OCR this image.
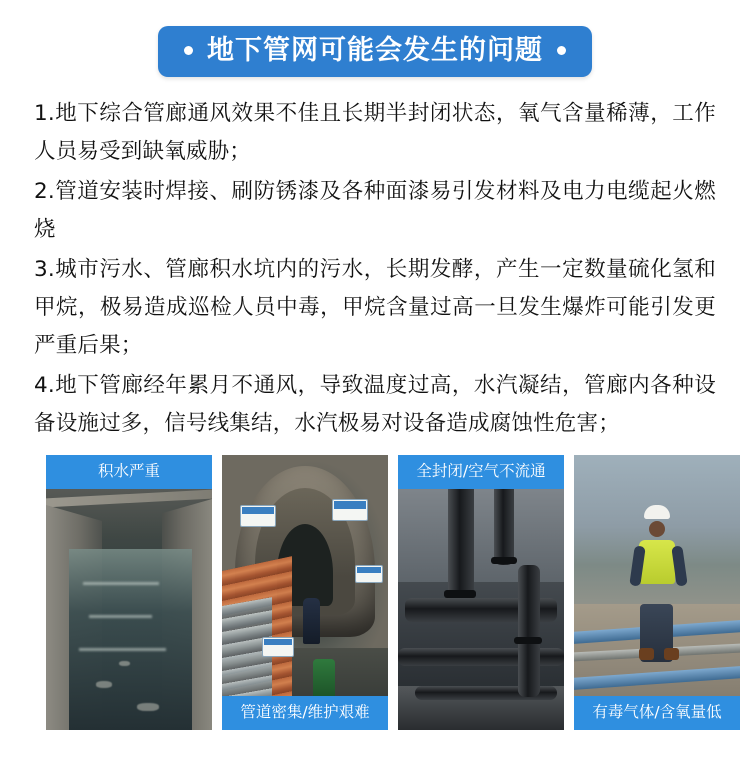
地下管网可能会发生的问题

1.地下综合管廊通风效果不佳且长期半封闭状态，氧气含量稀薄，工作人员易受到缺氧威胁；

2.管道安装时焊接、刷防锈漆及各种面漆易引发材料及电力电缆起火燃烧

3.城市污水、管廊积水坑内的污水，长期发酵，产生一定数量硫化氢和甲烷，极易造成巡检人员中毒，甲烷含量过高一旦发生爆炸可能引发更严重后果；

4.地下管廊经年累月不通风，导致温度过高，水汽凝结，管廊内各种设备设施过多，信号线集结，水汽极易对设备造成腐蚀性危害；

积水严重
管道密集/维护艰难
全封闭/空气不流通
有毒气体/含氧量低
